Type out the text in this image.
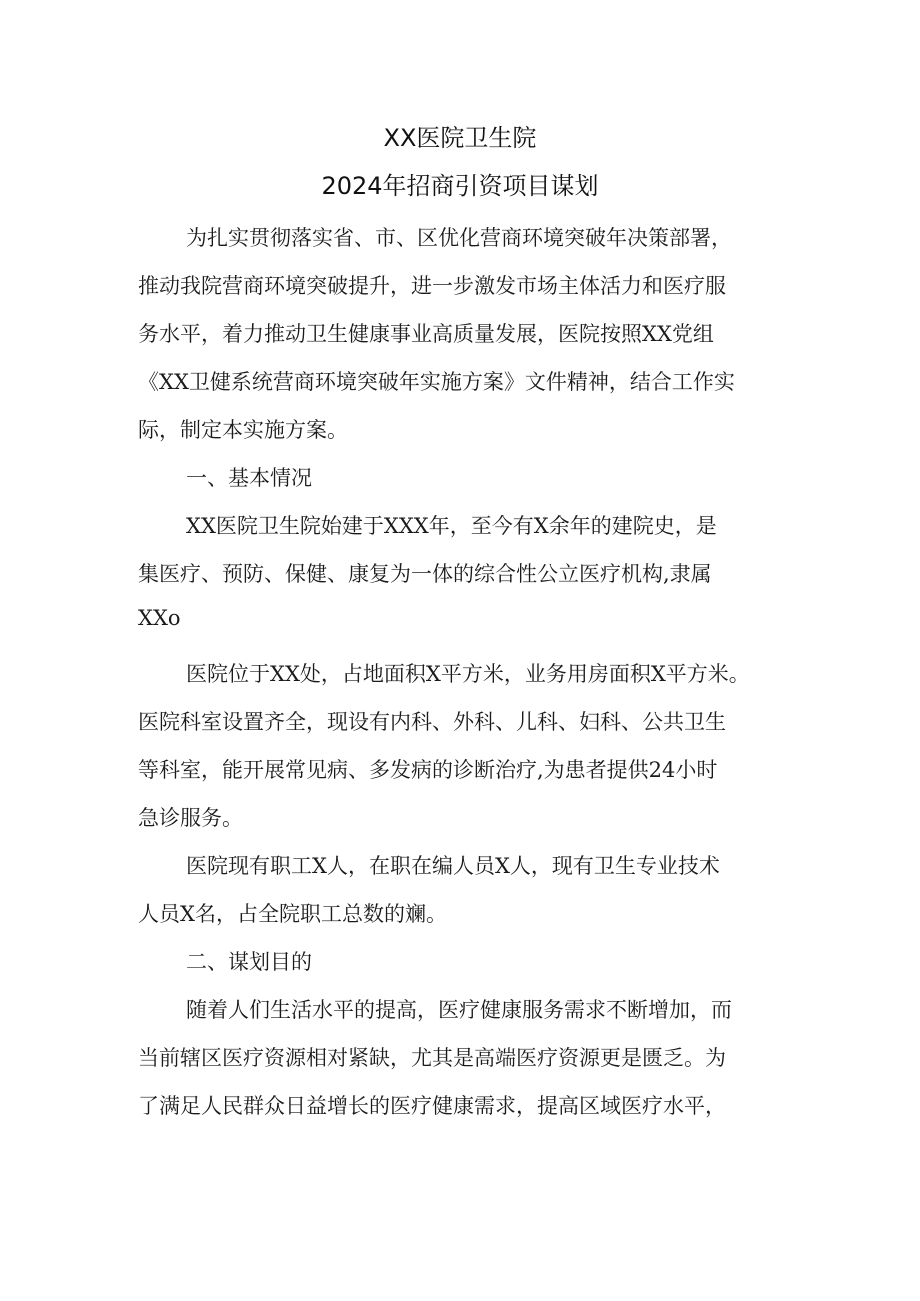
XX医院卫生院
2024年招商引资项目谋划
为扎实贯彻落实省、市、区优化营商环境突破年决策部署，
推动我院营商环境突破提升，进一步激发市场主体活力和医疗服
务水平，着力推动卫生健康事业高质量发展，医院按照XX党组
《XX卫健系统营商环境突破年实施方案》文件精神，结合工作实
际，制定本实施方案。
一、基本情况
XX医院卫生院始建于XXX年，至今有X余年的建院史，是
集医疗、预防、保健、康复为一体的综合性公立医疗机构,隶属
XXo
医院位于XX处，占地面积X平方米，业务用房面积X平方米。
医院科室设置齐全，现设有内科、外科、儿科、妇科、公共卫生
等科室，能开展常见病、多发病的诊断治疗,为患者提供24小时
急诊服务。
医院现有职工X人，在职在编人员X人，现有卫生专业技术
人员X名，占全院职工总数的斓。
二、谋划目的
随着人们生活水平的提高，医疗健康服务需求不断增加，而
当前辖区医疗资源相对紧缺，尤其是高端医疗资源更是匮乏。为
了满足人民群众日益增长的医疗健康需求，提高区域医疗水平，
